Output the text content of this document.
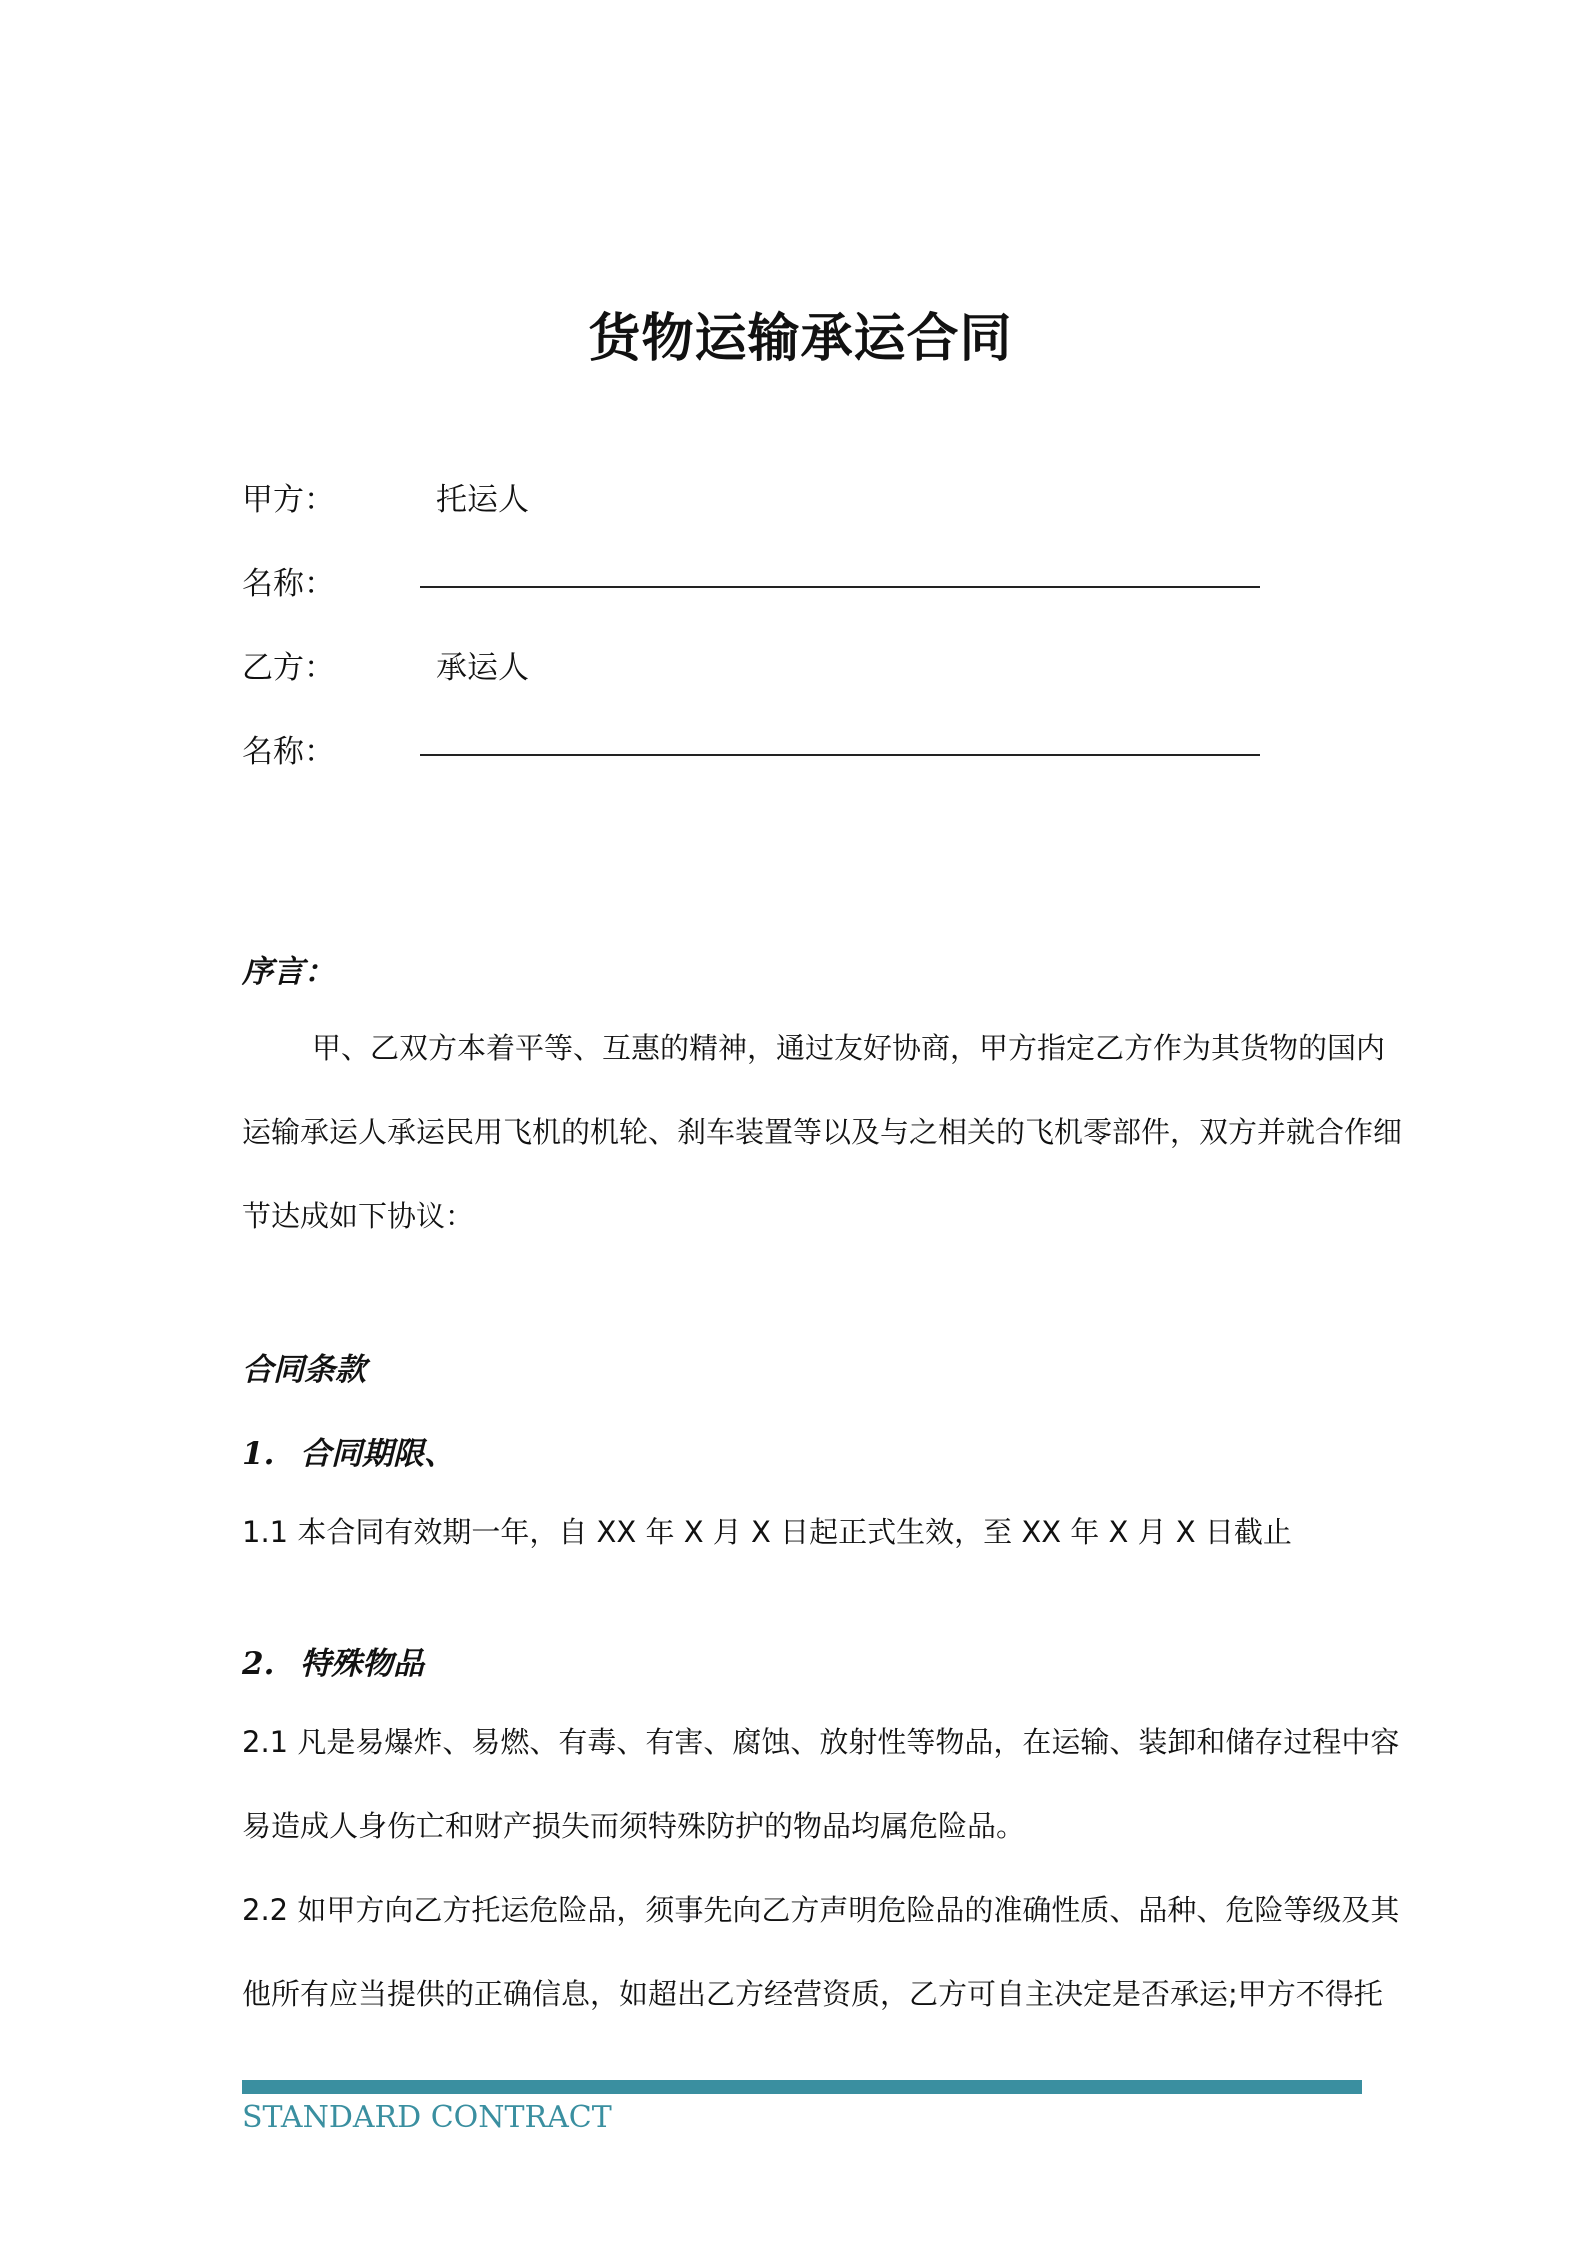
货物运输承运合同
甲方：	托运人
名称：
乙方：	承运人
名称：
序言：
甲、乙双方本着平等、互惠的精神，通过友好协商，甲方指定乙方作为其货物的国内
运输承运人承运民用飞机的机轮、刹车装置等以及与之相关的飞机零部件，双方并就合作细
节达成如下协议：
合同条款
1. 合同期限、
1.1 本合同有效期一年，自 XX 年 X 月 X 日起正式生效，至 XX 年 X 月 X 日截止
2. 特殊物品
2.1 凡是易爆炸、易燃、有毒、有害、腐蚀、放射性等物品，在运输、装卸和储存过程中容
易造成人身伤亡和财产损失而须特殊防护的物品均属危险品。
2.2 如甲方向乙方托运危险品，须事先向乙方声明危险品的准确性质、品种、危险等级及其
他所有应当提供的正确信息，如超出乙方经营资质，乙方可自主决定是否承运;甲方不得托
STANDARD CONTRACT
